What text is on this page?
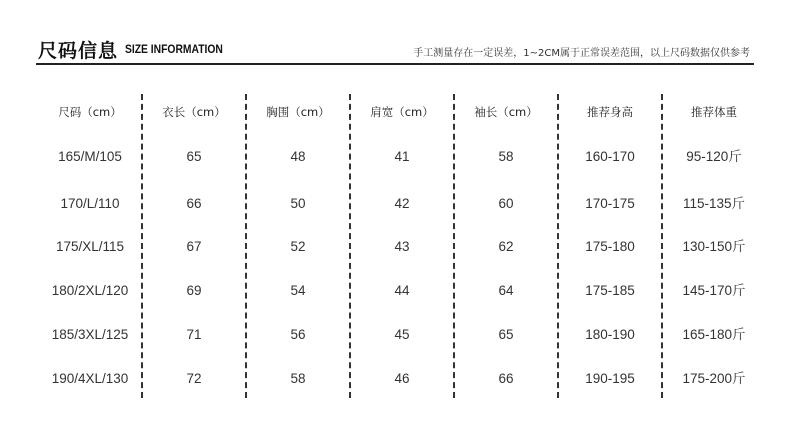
尺码信息 SIZE INFORMATION	手工测量存在一定误差，1~2CM属于正常误差范围，以上尺码数据仅供参考
尺码（cm）
165/M/105
170/L/110
175/XL/115
180/2XL/120
185/3XL/125
190/4XL/130
衣长（cm）
65
66
67
69
71
72
胸围（cm）
48
50
52
54
56
58
肩宽（cm）
41
42
43
44
45
46
袖长（cm）
58
60
62
64
65
66
推荐身高
160-170
170-175
175-180
175-185
180-190
190-195
推荐体重
95-120斤
115-135斤
130-150斤
145-170斤
165-180斤
175-200斤
